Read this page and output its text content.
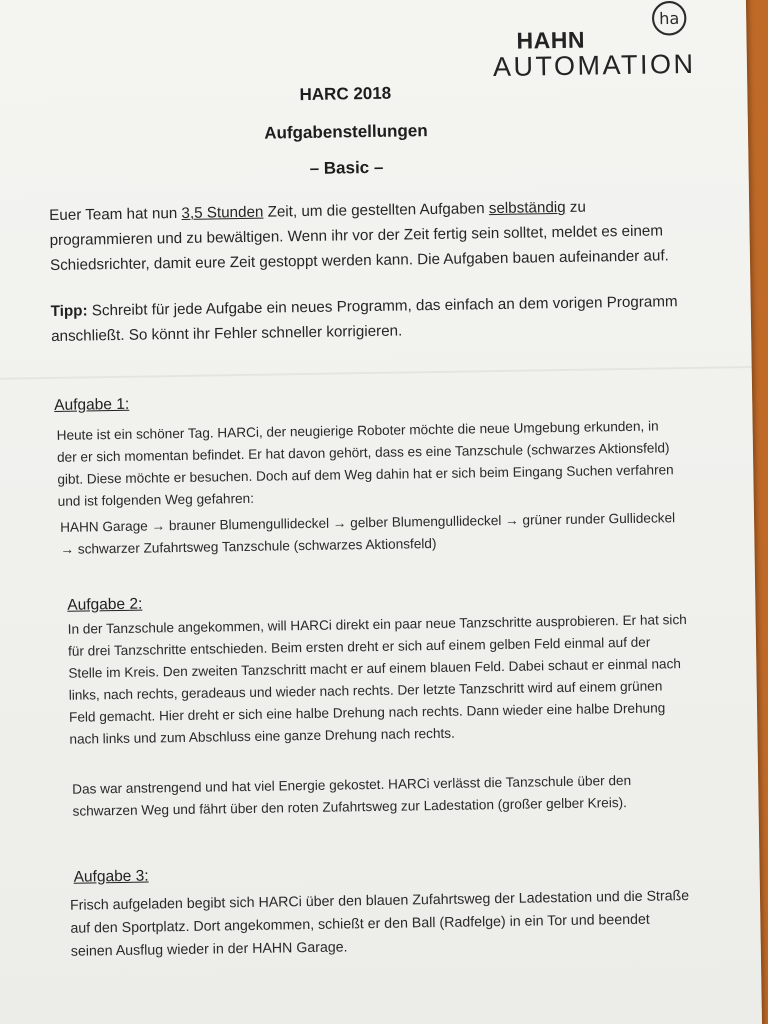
ha
HAHN
AUTOMATION
HARC 2018
Aufgabenstellungen
– Basic –
Euer Team hat nun 3,5 Stunden Zeit, um die gestellten Aufgaben selbständig zu programmieren und zu bewältigen. Wenn ihr vor der Zeit fertig sein solltet, meldet es einem Schiedsrichter, damit eure Zeit gestoppt werden kann. Die Aufgaben bauen aufeinander auf.
Tipp: Schreibt für jede Aufgabe ein neues Programm, das einfach an dem vorigen Programm anschließt. So könnt ihr Fehler schneller korrigieren.
Aufgabe 1:
Heute ist ein schöner Tag. HARCi, der neugierige Roboter möchte die neue Umgebung erkunden, in der er sich momentan befindet. Er hat davon gehört, dass es eine Tanzschule (schwarzes Aktionsfeld) gibt. Diese möchte er besuchen. Doch auf dem Weg dahin hat er sich beim Eingang Suchen verfahren und ist folgenden Weg gefahren:
HAHN Garage → brauner Blumengullideckel → gelber Blumengullideckel → grüner runder Gullideckel → schwarzer Zufahrtsweg Tanzschule (schwarzes Aktionsfeld)
Aufgabe 2:
In der Tanzschule angekommen, will HARCi direkt ein paar neue Tanzschritte ausprobieren. Er hat sich für drei Tanzschritte entschieden. Beim ersten dreht er sich auf einem gelben Feld einmal auf der Stelle im Kreis. Den zweiten Tanzschritt macht er auf einem blauen Feld. Dabei schaut er einmal nach links, nach rechts, geradeaus und wieder nach rechts. Der letzte Tanzschritt wird auf einem grünen Feld gemacht. Hier dreht er sich eine halbe Drehung nach rechts. Dann wieder eine halbe Drehung nach links und zum Abschluss eine ganze Drehung nach rechts.
Das war anstrengend und hat viel Energie gekostet. HARCi verlässt die Tanzschule über den schwarzen Weg und fährt über den roten Zufahrtsweg zur Ladestation (großer gelber Kreis).
Aufgabe 3:
Frisch aufgeladen begibt sich HARCi über den blauen Zufahrtsweg der Ladestation und die Straße auf den Sportplatz. Dort angekommen, schießt er den Ball (Radfelge) in ein Tor und beendet seinen Ausflug wieder in der HAHN Garage.
